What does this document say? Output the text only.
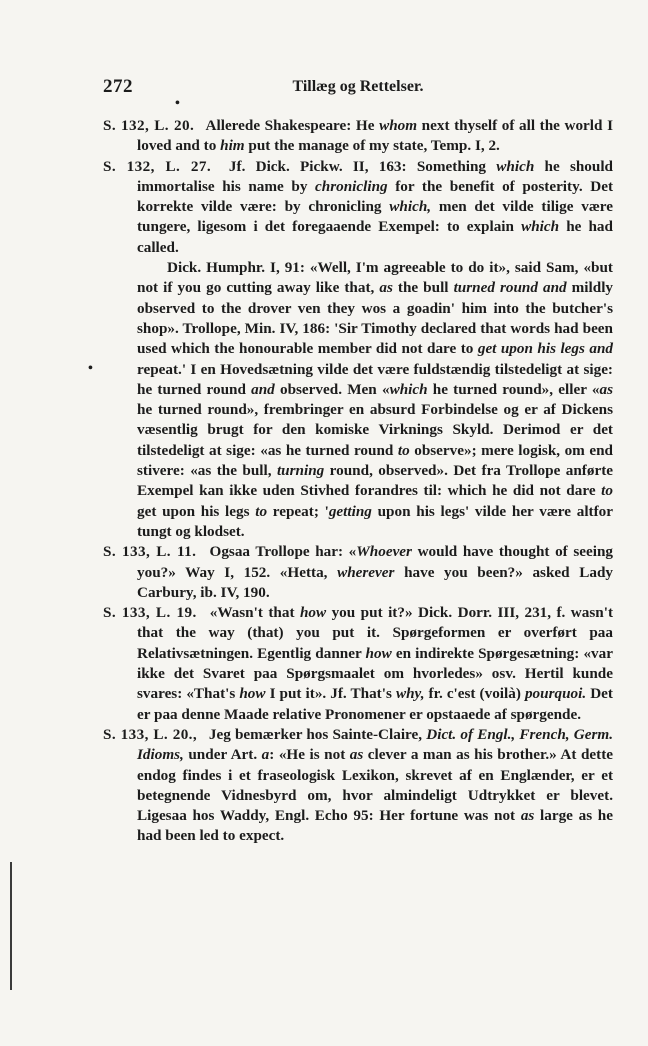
272	Tillæg og Rettelser.
•
•

S. 132, L. 20.  Allerede Shakespeare: He whom next thyself of all the world I loved and to him put the manage of my state, Temp. I, 2.

S. 132, L. 27.  Jf. Dick. Pickw. II, 163: Something which he should immortalise his name by chronicling for the benefit of posterity. Det korrekte vilde være: by chronicling which, men det vilde tilige være tungere, ligesom i det foregaaende Exempel: to explain which he had called.

Dick. Humphr. I, 91: «Well, I'm agreeable to do it», said Sam, «but not if you go cutting away like that, as the bull turned round and mildly observed to the drover ven they wos a goadin' him into the butcher's shop». Trollope, Min. IV, 186: 'Sir Timothy declared that words had been used which the honourable member did not dare to get upon his legs and repeat.' I en Hovedsætning vilde det være fuldstændig tilstedeligt at sige: he turned round and observed. Men «which he turned round», eller «as he turned round», frembringer en absurd Forbindelse og er af Dickens væsentlig brugt for den komiske Virknings Skyld. Derimod er det tilstedeligt at sige: «as he turned round to observe»; mere logisk, om end stivere: «as the bull, turning round, observed». Det fra Trollope anførte Exempel kan ikke uden Stivhed forandres til: which he did not dare to get upon his legs to repeat; 'getting upon his legs' vilde her være altfor tungt og klodset.

S. 133, L. 11.  Ogsaa Trollope har: «Whoever would have thought of seeing you?» Way I, 152. «Hetta, wherever have you been?» asked Lady Carbury, ib. IV, 190.

S. 133, L. 19.  «Wasn't that how you put it?» Dick. Dorr. III, 231, f. wasn't that the way (that) you put it. Spørgeformen er overført paa Relativsætningen. Egentlig danner how en indirekte Spørgesætning: «var ikke det Svaret paa Spørgsmaalet om hvorledes» osv. Hertil kunde svares: «That's how I put it». Jf. That's why, fr. c'est (voilà) pourquoi. Det er paa denne Maade relative Pronomener er opstaaede af spørgende.

S. 133, L. 20.,  Jeg bemærker hos Sainte-Claire, Dict. of Engl., French, Germ. Idioms, under Art. a: «He is not as clever a man as his brother.» At dette endog findes i et fraseologisk Lexikon, skrevet af en Englænder, er et betegnende Vidnesbyrd om, hvor almindeligt Udtrykket er blevet. Ligesaa hos Waddy, Engl. Echo 95: Her fortune was not as large as he had been led to expect.
